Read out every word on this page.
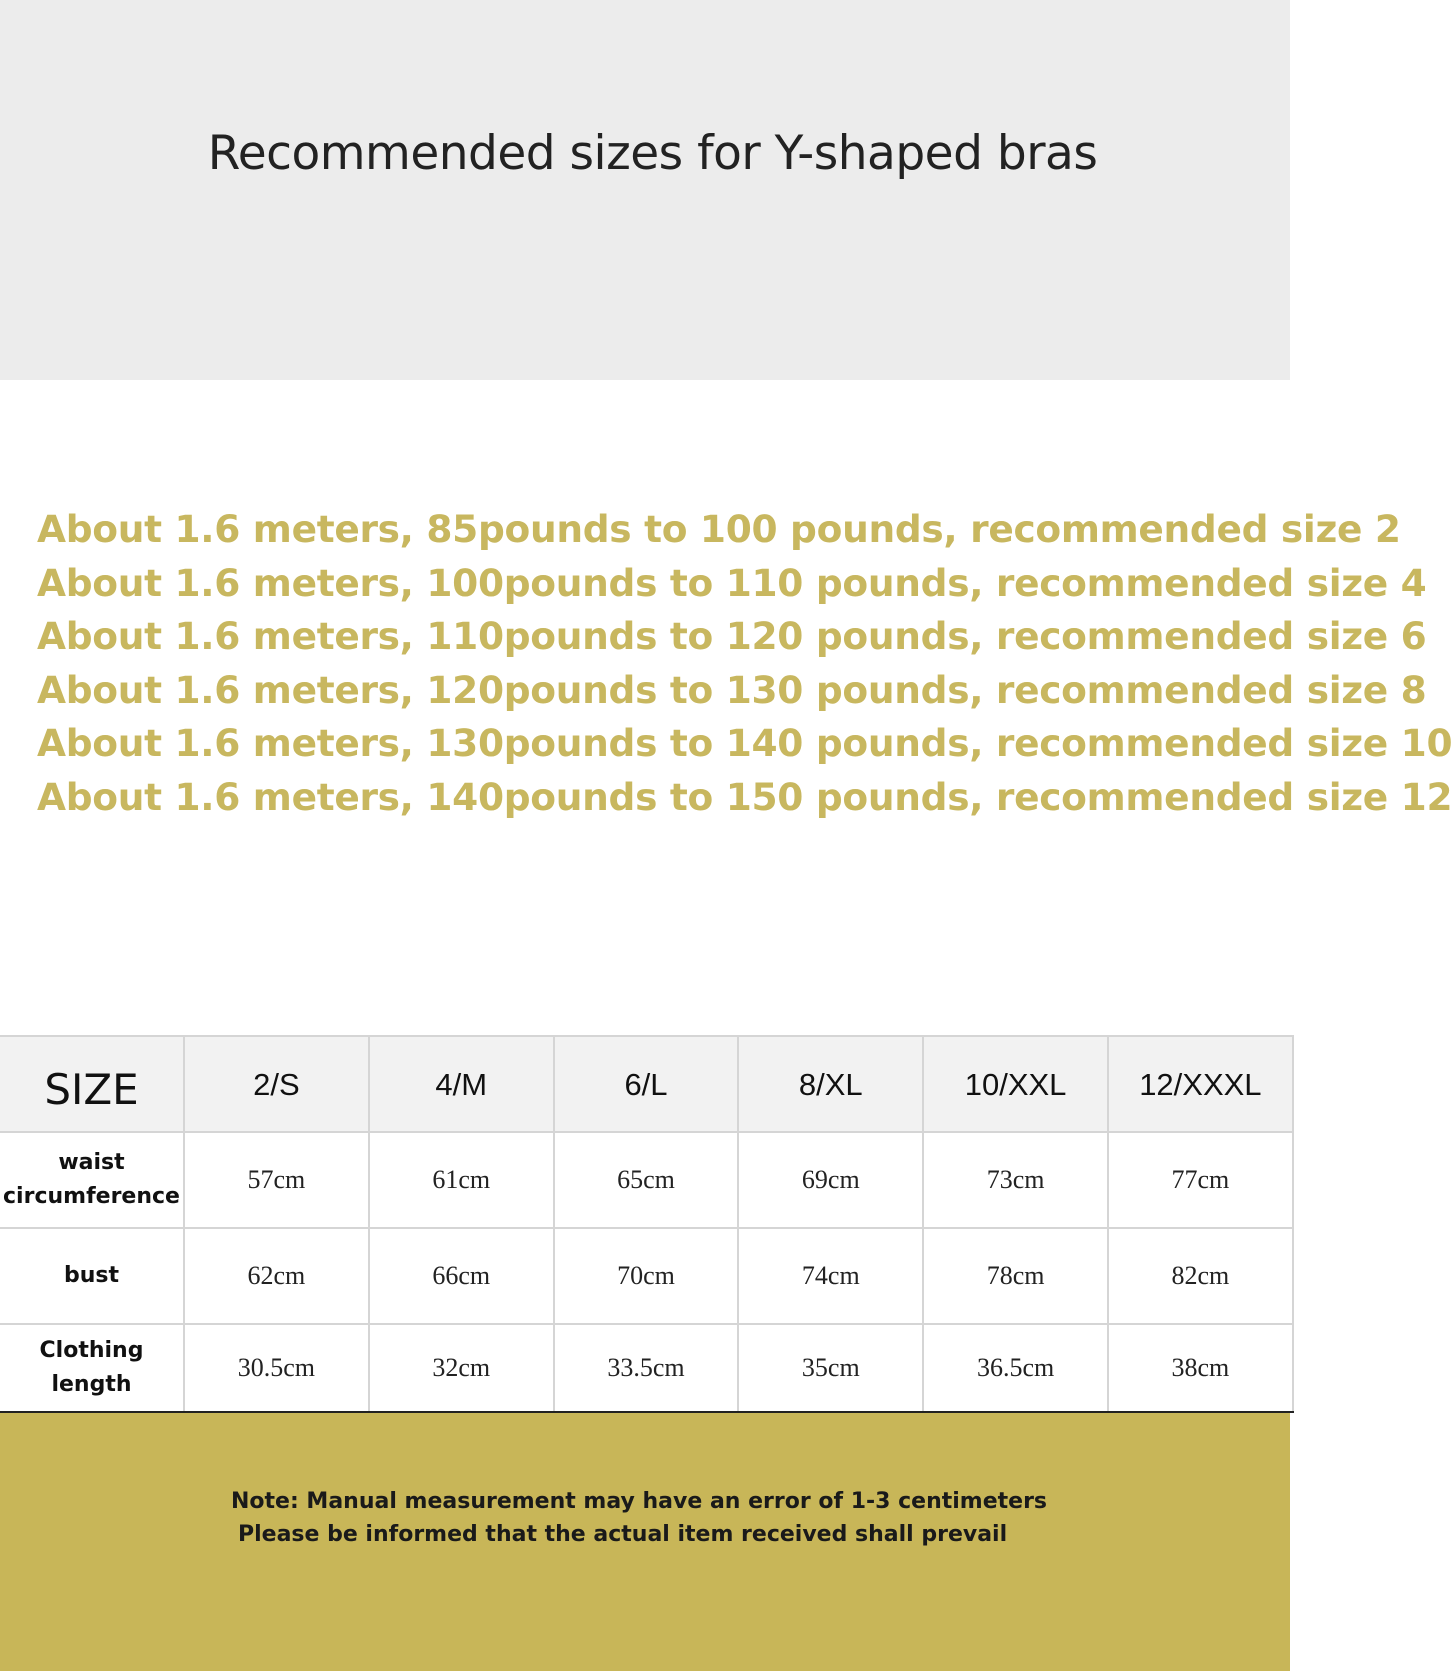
Recommended sizes for Y-shaped bras
About 1.6 meters, 85pounds to 100 pounds, recommended size 2
About 1.6 meters, 100pounds to 110 pounds, recommended size 4
About 1.6 meters, 110pounds to 120 pounds, recommended size 6
About 1.6 meters, 120pounds to 130 pounds, recommended size 8
About 1.6 meters, 130pounds to 140 pounds, recommended size 10
About 1.6 meters, 140pounds to 150 pounds, recommended size 12
SIZE	2/S	4/M	6/L	8/XL	10/XXL	12/XXXL
waist
circumference	57cm	61cm	65cm	69cm	73cm	77cm
bust	62cm	66cm	70cm	74cm	78cm	82cm
Clothing length	30.5cm	32cm	33.5cm	35cm	36.5cm	38cm

Note: Manual measurement may have an error of 1-3 centimeters
Please be informed that the actual item received shall prevail
